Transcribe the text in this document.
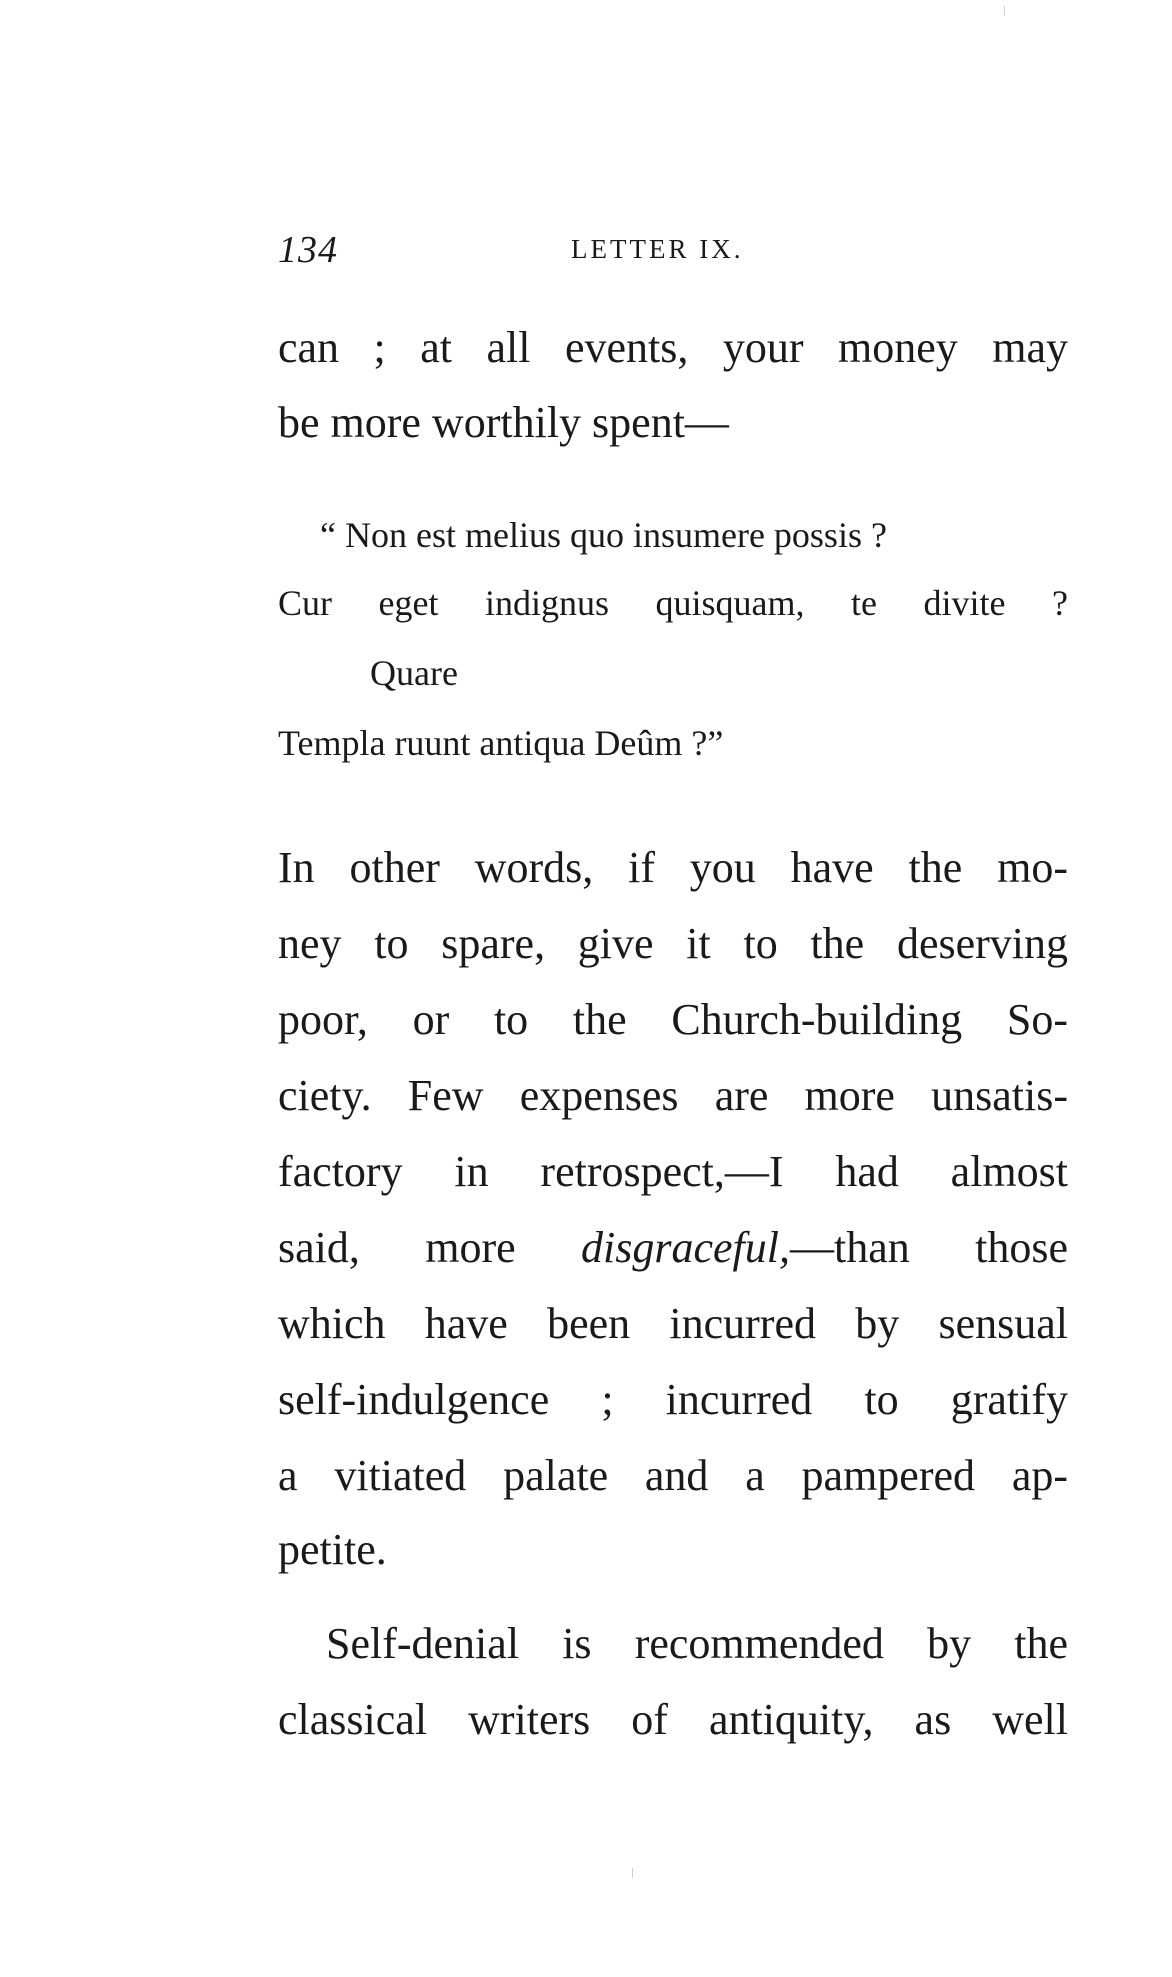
134	LETTER IX.
can ; at all events, your money may
be more worthily spent—
“ Non est melius quo insumere possis ?
Cur eget indignus quisquam, te divite ?
Quare
Templa ruunt antiqua Deûm ?”
In other words, if you have the mo-
ney to spare, give it to the deserving
poor, or to the Church-building So-
ciety. Few expenses are more unsatis-
factory in retrospect,—I had almost
said, more disgraceful,—than those
which have been incurred by sensual
self-indulgence ; incurred to gratify
a vitiated palate and a pampered ap-
petite.
Self-denial is recommended by the
classical writers of antiquity, as well
